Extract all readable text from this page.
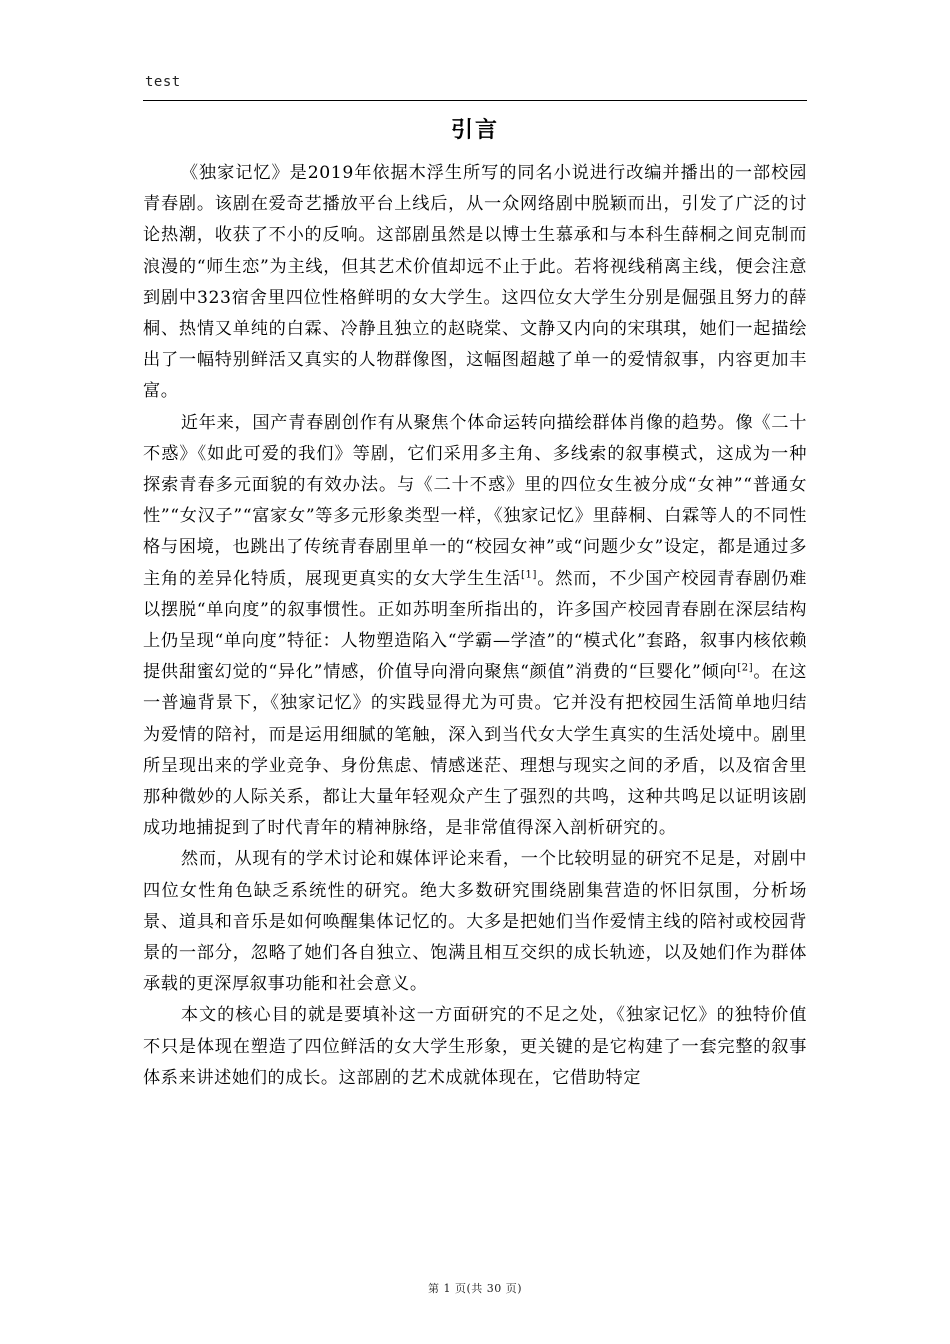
test
引言

《独家记忆》是2019年依据木浮生所写的同名小说进行改编并播出的一部校园青春剧。该剧在爱奇艺播放平台上线后，从一众网络剧中脱颖而出，引发了广泛的讨论热潮，收获了不小的反响。这部剧虽然是以博士生慕承和与本科生薛桐之间克制而浪漫的“师生恋”为主线，但其艺术价值却远不止于此。若将视线稍离主线，便会注意到剧中323宿舍里四位性格鲜明的女大学生。这四位女大学生分别是倔强且努力的薛桐、热情又单纯的白霖、冷静且独立的赵晓棠、文静又内向的宋琪琪，她们一起描绘出了一幅特别鲜活又真实的人物群像图，这幅图超越了单一的爱情叙事，内容更加丰富。

近年来，国产青春剧创作有从聚焦个体命运转向描绘群体肖像的趋势。像《二十不惑》《如此可爱的我们》等剧，它们采用多主角、多线索的叙事模式，这成为一种探索青春多元面貌的有效办法。与《二十不惑》里的四位女生被分成“女神”“普通女性”“女汉子”“富家女”等多元形象类型一样，《独家记忆》里薛桐、白霖等人的不同性格与困境，也跳出了传统青春剧里单一的“校园女神”或“问题少女”设定，都是通过多主角的差异化特质，展现更真实的女大学生生活[1]。然而，不少国产校园青春剧仍难以摆脱“单向度”的叙事惯性。正如苏明奎所指出的，许多国产校园青春剧在深层结构上仍呈现“单向度”特征：人物塑造陷入“学霸—学渣”的“模式化”套路，叙事内核依赖提供甜蜜幻觉的“异化”情感，价值导向滑向聚焦“颜值”消费的“巨婴化”倾向[2]。在这一普遍背景下，《独家记忆》的实践显得尤为可贵。它并没有把校园生活简单地归结为爱情的陪衬，而是运用细腻的笔触，深入到当代女大学生真实的生活处境中。剧里所呈现出来的学业竞争、身份焦虑、情感迷茫、理想与现实之间的矛盾，以及宿舍里那种微妙的人际关系，都让大量年轻观众产生了强烈的共鸣，这种共鸣足以证明该剧成功地捕捉到了时代青年的精神脉络，是非常值得深入剖析研究的。

然而，从现有的学术讨论和媒体评论来看，一个比较明显的研究不足是，对剧中四位女性角色缺乏系统性的研究。绝大多数研究围绕剧集营造的怀旧氛围，分析场景、道具和音乐是如何唤醒集体记忆的。大多是把她们当作爱情主线的陪衬或校园背景的一部分，忽略了她们各自独立、饱满且相互交织的成长轨迹，以及她们作为群体承载的更深厚叙事功能和社会意义。

本文的核心目的就是要填补这一方面研究的不足之处，《独家记忆》的独特价值不只是体现在塑造了四位鲜活的女大学生形象，更关键的是它构建了一套完整的叙事体系来讲述她们的成长。这部剧的艺术成就体现在，它借助特定

第 1 页(共 30 页)
